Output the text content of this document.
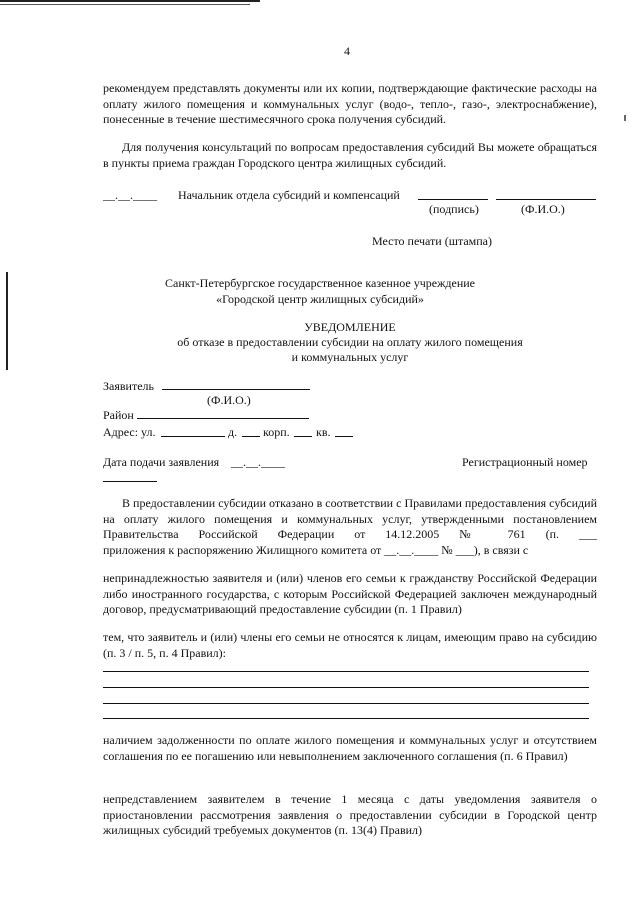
4

рекомендуем представлять документы или их копии, подтверждающие фактические расходы на оплату жилого помещения и коммунальных услуг (водо-, тепло-, газо-, электроснабжение), понесенные в течение шестимесячного срока получения субсидий.

Для получения консультаций по вопросам предоставления субсидий Вы можете обращаться в пункты приема граждан Городского центра жилищных субсидий.

__.__.____ Начальник отдела субсидий и компенсаций
(подпись)	(Ф.И.О.)
Место печати (штампа)
Санкт-Петербургское государственное казенное учреждение
«Городской центр жилищных субсидий»
УВЕДОМЛЕНИЕ
об отказе в предоставлении субсидии на оплату жилого помещения
и коммунальных услуг
Заявитель
(Ф.И.О.)
Район
Адрес: ул.	д. корп. кв.
Дата подачи заявления __.__.____	Регистрационный номер

В предоставлении субсидии отказано в соответствии с Правилами предоставления субсидий на оплату жилого помещения и коммунальных услуг, утвержденными постановлением Правительства Российской Федерации от 14.12.2005 № 761 (п. ___

приложения к распоряжению Жилищного комитета от __.__.____ № ___), в связи с

непринадлежностью заявителя и (или) членов его семьи к гражданству Российской Федерации либо иностранного государства, с которым Российской Федерацией заключен международный договор, предусматривающий предоставление субсидии (п. 1 Правил)

тем, что заявитель и (или) члены его семьи не относятся к лицам, имеющим право на субсидию (п. 3 / п. 5, п. 4 Правил):

наличием задолженности по оплате жилого помещения и коммунальных услуг и отсутствием соглашения по ее погашению или невыполнением заключенного соглашения (п. 6 Правил)

непредставлением заявителем в течение 1 месяца с даты уведомления заявителя о приостановлении рассмотрения заявления о предоставлении субсидии в Городской центр жилищных субсидий требуемых документов (п. 13(4) Правил)
